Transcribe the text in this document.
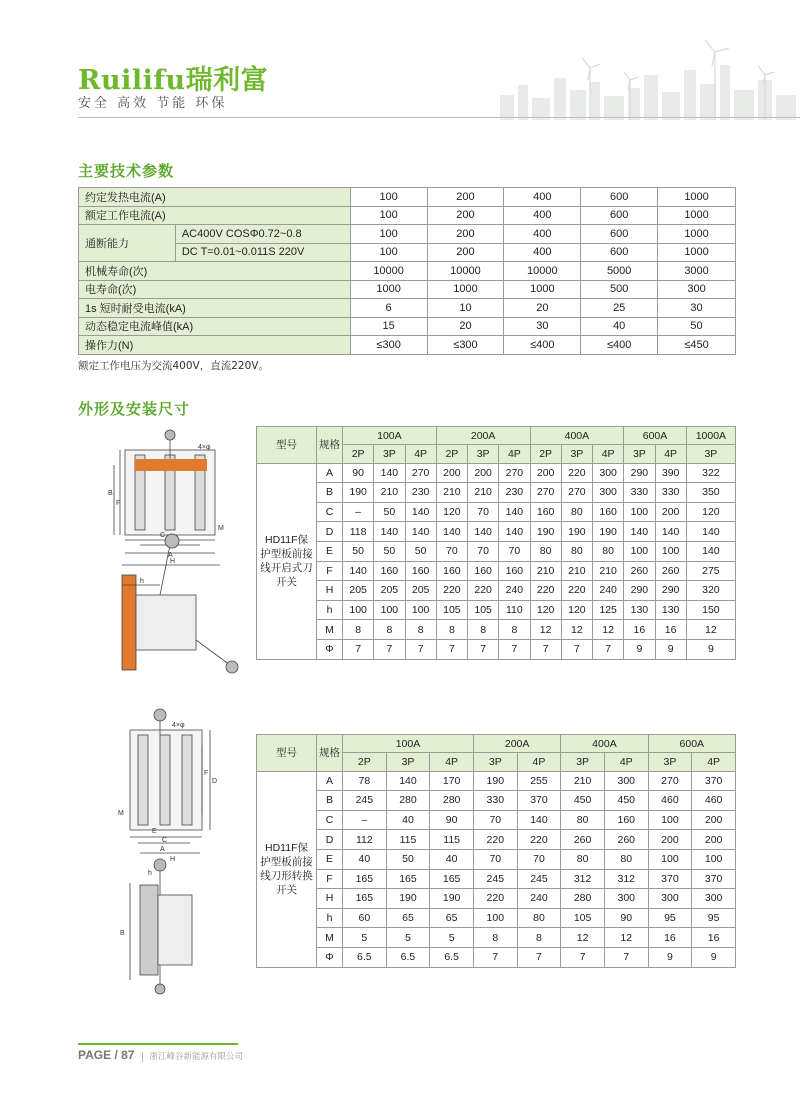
Ruilifu瑞利富
安全 高效 节能 环保
主要技术参数
约定发热电流(A)		100	200	400	600	1000
额定工作电流(A)		100	200	400	600	1000
通断能力	AC400V COSΦ0.72~0.8	100	200	400	600	1000
	DC T=0.01~0.011S 220V	100	200	400	600	1000
机械寿命(次)		10000	10000	10000	5000	3000
电寿命(次)		1000	1000	1000	500	300
1s 短时耐受电流(kA)		6	10	20	25	30
动态稳定电流峰值(kA)		15	20	30	40	50
操作力(N)		≤300	≤300	≤400	≤400	≤450
额定工作电压为交流400V，直流220V。
外形及安装尺寸
4×φ
B
F
C
A
M
H
h
4×φ
D
F
M
E
C
A
H
h
B
型号	规格	100A			200A			400A			600A		1000A
		2P	3P	4P	2P	3P	4P	2P	3P	4P	3P	4P	3P
HD11F保护型板前接线开启式刀开关	A	90	140	270	200	200	270	200	220	300	290	390	322
	B	190	210	230	210	210	230	270	270	300	330	330	350
	C	–	50	140	120	70	140	160	80	160	100	200	120
	D	118	140	140	140	140	140	190	190	190	140	140	140
	E	50	50	50	70	70	70	80	80	80	100	100	140
	F	140	160	160	160	160	160	210	210	210	260	260	275
	H	205	205	205	220	220	240	220	220	240	290	290	320
	h	100	100	100	105	105	110	120	120	125	130	130	150
	M	8	8	8	8	8	8	12	12	12	16	16	12
	Φ	7	7	7	7	7	7	7	7	7	9	9	9
型号	规格	100A			200A		400A		600A	
		2P	3P	4P	3P	4P	3P	4P	3P	4P
HD11F保护型板前接线刀形转换开关	A	78	140	170	190	255	210	300	270	370
	B	245	280	280	330	370	450	450	460	460
	C	–	40	90	70	140	80	160	100	200
	D	112	115	115	220	220	260	260	200	200
	E	40	50	40	70	70	80	80	100	100
	F	165	165	165	245	245	312	312	370	370
	H	165	190	190	220	240	280	300	300	300
	h	60	65	65	100	80	105	90	95	95
	M	5	5	5	8	8	12	12	16	16
	Φ	6.5	6.5	6.5	7	7	7	7	9	9
PAGE / 87 浙江峰谷新能源有限公司
